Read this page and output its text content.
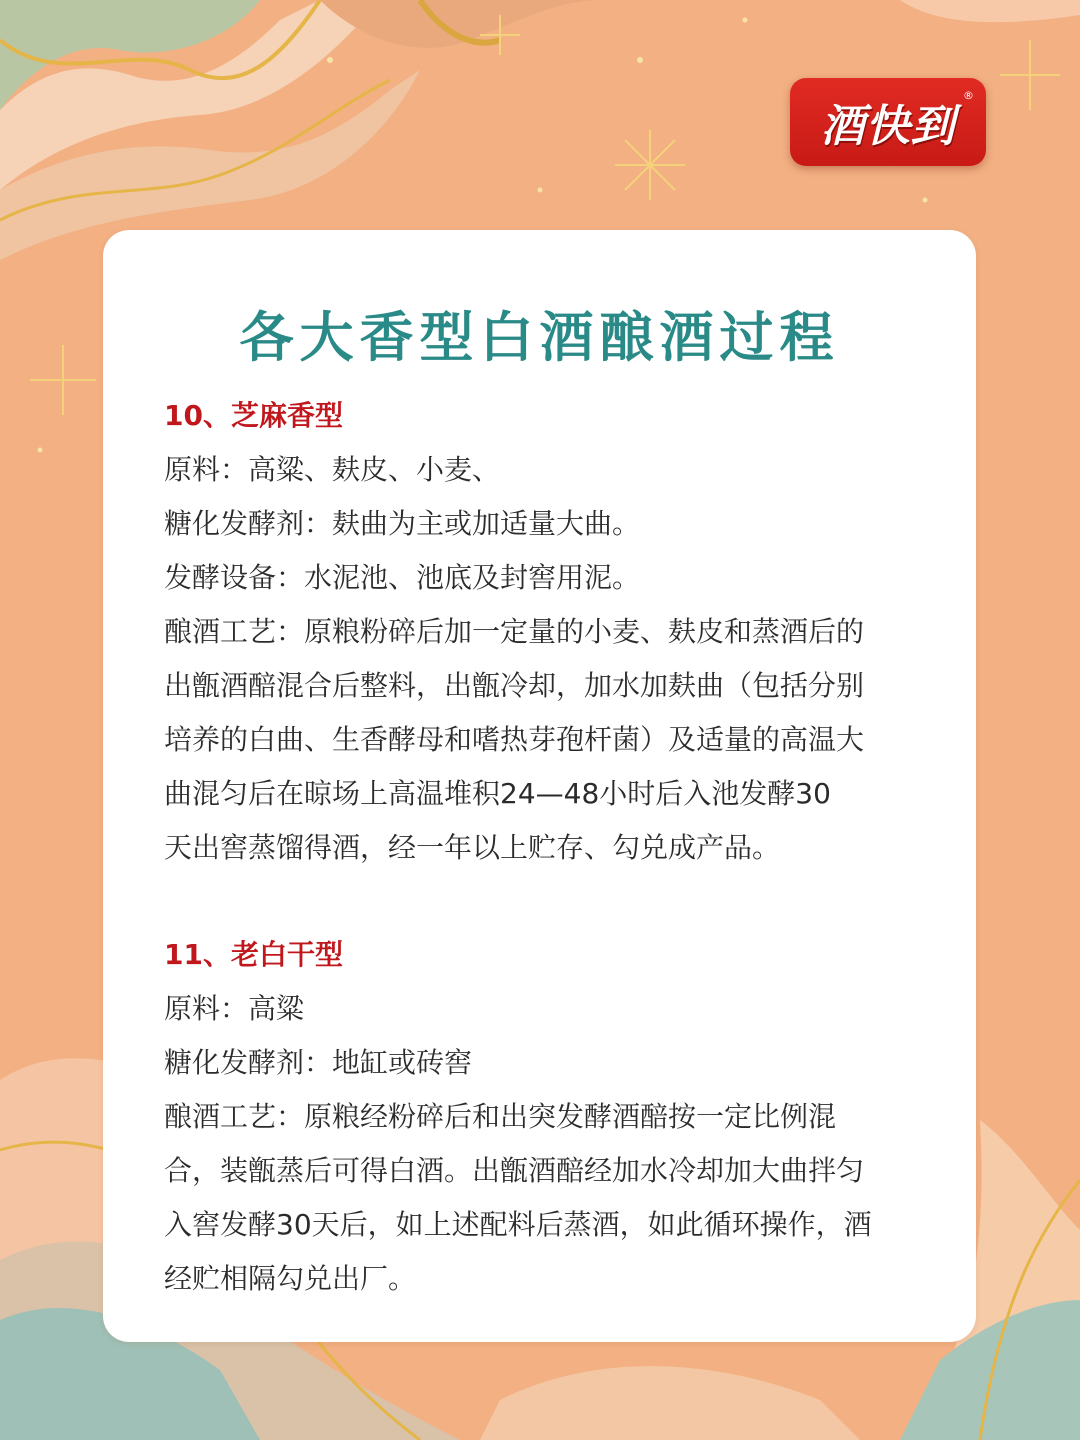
酒快到
®
各大香型白酒酿酒过程

10、芝麻香型

原料：高粱、麸皮、小麦、

糖化发酵剂：麸曲为主或加适量大曲。

发酵设备：水泥池、池底及封窖用泥。

酿酒工艺：原粮粉碎后加一定量的小麦、麸皮和蒸酒后的

出甑酒醅混合后整料，出甑冷却，加水加麸曲（包括分别

培养的白曲、生香酵母和嗜热芽孢杆菌）及适量的高温大

曲混匀后在晾场上高温堆积24—48小时后入池发酵30

天出窖蒸馏得酒，经一年以上贮存、勾兑成产品。

11、老白干型

原料：高粱

糖化发酵剂：地缸或砖窖

酿酒工艺：原粮经粉碎后和出突发酵酒醅按一定比例混

合，装甑蒸后可得白酒。出甑酒醅经加水冷却加大曲拌匀

入窖发酵30天后，如上述配料后蒸酒，如此循环操作，酒

经贮相隔勾兑出厂。
